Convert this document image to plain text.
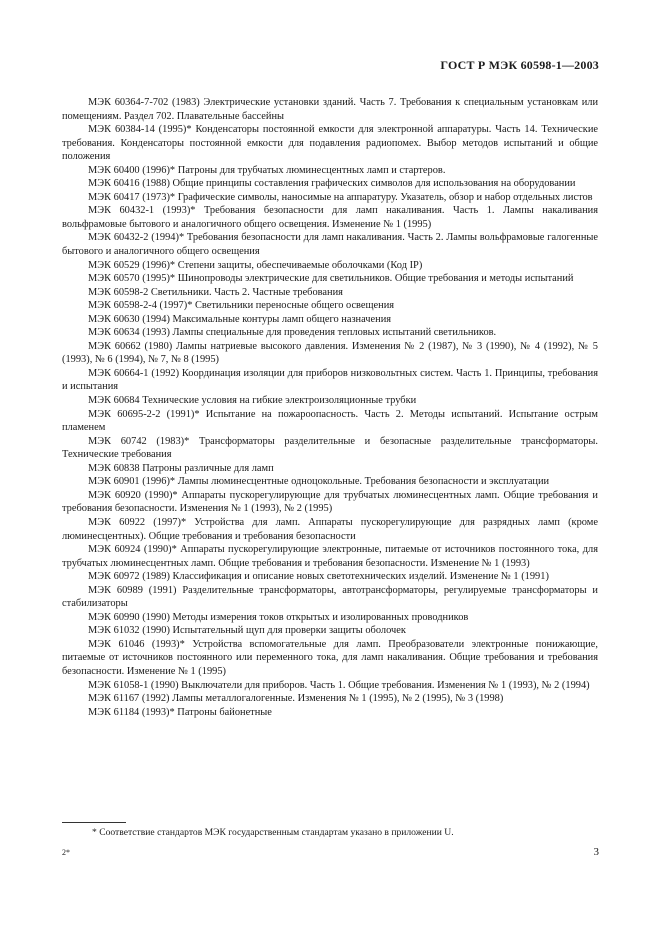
ГОСТ Р МЭК 60598-1—2003

МЭК 60364-7-702 (1983) Электрические установки зданий. Часть 7. Требования к специальным установкам или помещениям. Раздел 702. Плавательные бассейны

МЭК 60384-14 (1995)* Конденсаторы постоянной емкости для электронной аппаратуры. Часть 14. Технические требования. Конденсаторы постоянной емкости для подавления радиопомех. Выбор методов испытаний и общие положения

МЭК 60400 (1996)* Патроны для трубчатых люминесцентных ламп и стартеров.

МЭК 60416 (1988) Общие принципы составления графических символов для использования на оборудовании

МЭК 60417 (1973)* Графические символы, наносимые на аппаратуру. Указатель, обзор и набор отдельных листов

МЭК 60432-1 (1993)* Требования безопасности для ламп накаливания. Часть 1. Лампы накаливания вольфрамовые бытового и аналогичного общего освещения. Изменение № 1 (1995)

МЭК 60432-2 (1994)* Требования безопасности для ламп накаливания. Часть 2. Лампы вольфрамовые галогенные бытового и аналогичного общего освещения

МЭК 60529 (1996)* Степени защиты, обеспечиваемые оболочками (Код IP)

МЭК 60570 (1995)* Шинопроводы электрические для светильников. Общие требования и методы испытаний

МЭК 60598-2 Светильники. Часть 2. Частные требования

МЭК 60598-2-4 (1997)* Светильники переносные общего освещения

МЭК 60630 (1994) Максимальные контуры ламп общего назначения

МЭК 60634 (1993) Лампы специальные для проведения тепловых испытаний светильников.

МЭК 60662 (1980) Лампы натриевые высокого давления. Изменения № 2 (1987), № 3 (1990), № 4 (1992), № 5 (1993), № 6 (1994), № 7, № 8 (1995)

МЭК 60664-1 (1992) Координация изоляции для приборов низковольтных систем. Часть 1. Принципы, требования и испытания

МЭК 60684 Технические условия на гибкие электроизоляционные трубки

МЭК 60695-2-2 (1991)* Испытание на пожароопасность. Часть 2. Методы испытаний. Испытание острым пламенем

МЭК 60742 (1983)* Трансформаторы разделительные и безопасные разделительные трансформаторы. Технические требования

МЭК 60838 Патроны различные для ламп

МЭК 60901 (1996)* Лампы люминесцентные одноцокольные. Требования безопасности и эксплуатации

МЭК 60920 (1990)* Аппараты пускорегулирующие для трубчатых люминесцентных ламп. Общие требования и требования безопасности. Изменения № 1 (1993), № 2 (1995)

МЭК 60922 (1997)* Устройства для ламп. Аппараты пускорегулирующие для разрядных ламп (кроме люминесцентных). Общие требования и требования безопасности

МЭК 60924 (1990)* Аппараты пускорегулирующие электронные, питаемые от источников постоянного тока, для трубчатых люминесцентных ламп. Общие требования и требования безопасности. Изменение № 1 (1993)

МЭК 60972 (1989) Классификация и описание новых светотехнических изделий. Изменение № 1 (1991)

МЭК 60989 (1991) Разделительные трансформаторы, автотрансформаторы, регулируемые трансформаторы и стабилизаторы

МЭК 60990 (1990) Методы измерения токов открытых и изолированных проводников

МЭК 61032 (1990) Испытательный щуп для проверки защиты оболочек

МЭК 61046 (1993)* Устройства вспомогательные для ламп. Преобразователи электронные понижающие, питаемые от источников постоянного или переменного тока, для ламп накаливания. Общие требования и требования безопасности. Изменение № 1 (1995)

МЭК 61058-1 (1990) Выключатели для приборов. Часть 1. Общие требования. Изменения № 1 (1993), № 2 (1994)

МЭК 61167 (1992) Лампы металлогалогенные. Изменения № 1 (1995), № 2 (1995), № 3 (1998)

МЭК 61184 (1993)* Патроны байонетные

* Соответствие стандартов МЭК государственным стандартам указано в приложении U.
2*	3
